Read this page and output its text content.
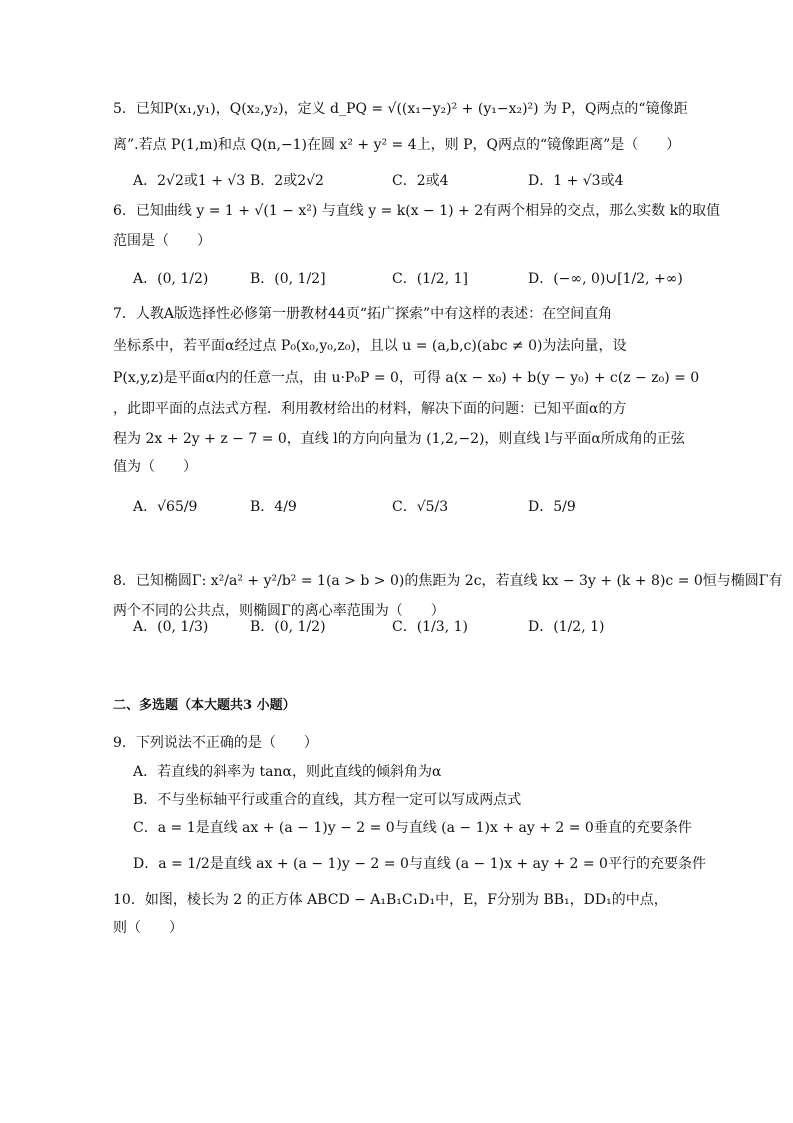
5．已知P(x₁,y₁)，Q(x₂,y₂)，定义 d_PQ = √((x₁−y₂)² + (y₁−x₂)²) 为 P，Q两点的“镜像距
离”.若点 P(1,m)和点 Q(n,−1)在圆 x² + y² = 4上，则 P，Q两点的“镜像距离”是（　　）
A．2√2或1 + √3 B．2或2√2	C．2或4	D．1 + √3或4
6．已知曲线 y = 1 + √(1 − x²) 与直线 y = k(x − 1) + 2有两个相异的交点，那么实数 k的取值
范围是（　　）
A．(0, 1/2)	B．(0, 1/2]	C．(1/2, 1]	D．(−∞, 0)∪[1/2, +∞)
7．人教A版选择性必修第一册教材44页“拓广探索”中有这样的表述：在空间直角
坐标系中，若平面α经过点 P₀(x₀,y₀,z₀)，且以 u = (a,b,c)(abc ≠ 0)为法向量，设
P(x,y,z)是平面α内的任意一点，由 u·P₀P = 0，可得 a(x − x₀) + b(y − y₀) + c(z − z₀) = 0
，此即平面的点法式方程．利用教材给出的材料，解决下面的问题：已知平面α的方
程为 2x + 2y + z − 7 = 0，直线 l的方向向量为 (1,2,−2)，则直线 l与平面α所成角的正弦
值为（　　）
A．√65/9	B．4/9	C．√5/3	D．5/9
8．已知椭圆Γ: x²/a² + y²/b² = 1(a > b > 0)的焦距为 2c，若直线 kx − 3y + (k + 8)c = 0恒与椭圆Γ有
两个不同的公共点，则椭圆Γ的离心率范围为（　　）
A．(0, 1/3)	B．(0, 1/2)	C．(1/3, 1)	D．(1/2, 1)
二、多选题（本大题共3 小题）
9．下列说法不正确的是（　　）
A．若直线的斜率为 tanα，则此直线的倾斜角为α
B．不与坐标轴平行或重合的直线，其方程一定可以写成两点式
C．a = 1是直线 ax + (a − 1)y − 2 = 0与直线 (a − 1)x + ay + 2 = 0垂直的充要条件
D．a = 1/2是直线 ax + (a − 1)y − 2 = 0与直线 (a − 1)x + ay + 2 = 0平行的充要条件
10．如图，棱长为 2 的正方体 ABCD − A₁B₁C₁D₁中，E，F分别为 BB₁，DD₁的中点，
则（　　）
